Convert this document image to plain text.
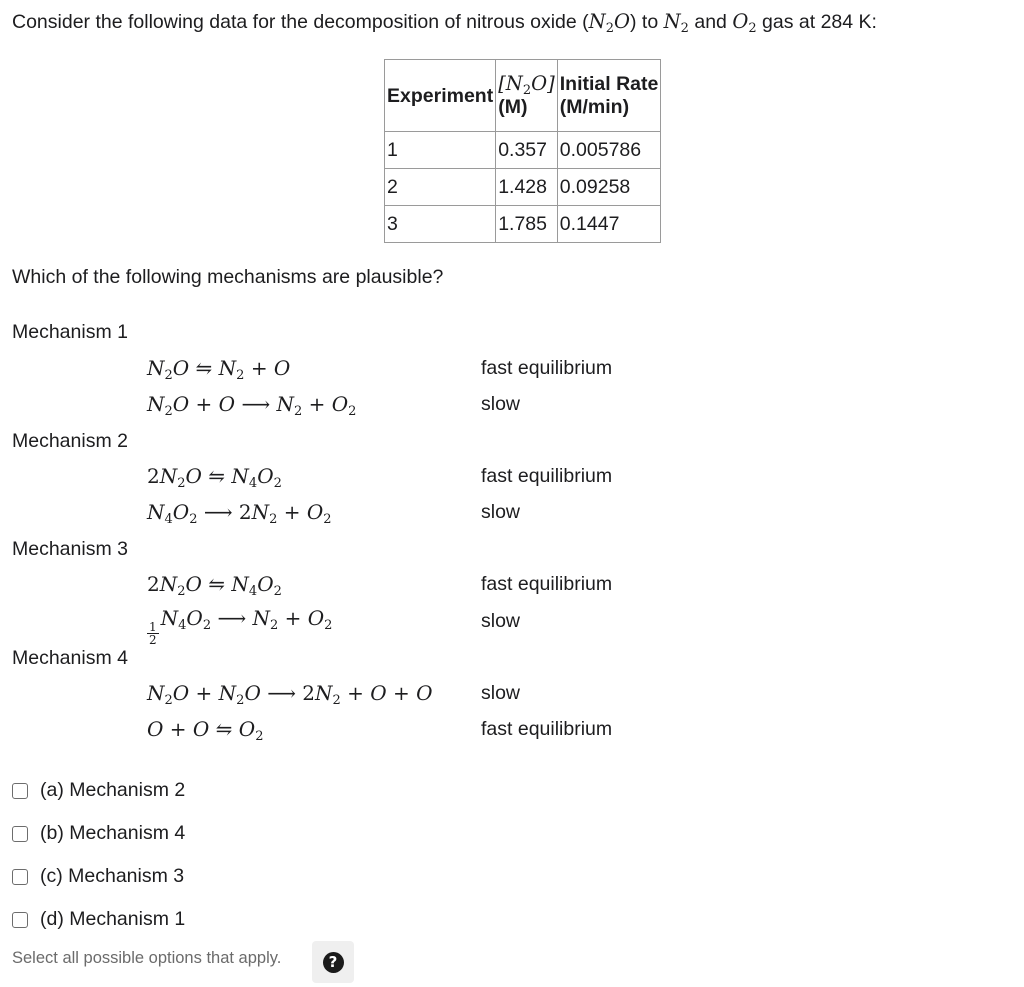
Consider the following data for the decomposition of nitrous oxide $(N_2O)$ to $N_2$ and $O_2$ gas at 284 K:
Experiment	$[N_2O]$	Initial Rate
	(M)	(M/min)
1	0.357	0.005786
2	1.428	0.09258
3	1.785	0.1447
Which of the following mechanisms are plausible?
Mechanism 1
$N_2O$ ⇋ $N_2 + O$	fast equilibrium
$N_2O + O$ ⟶ $N_2 + O_2$	slow
Mechanism 2
$2N_2O$ ⇋ $N_4O_2$	fast equilibrium
$N_4O_2$ ⟶ $2N_2 + O_2$	slow
Mechanism 3
$2N_2O$ ⇋ $N_4O_2$	fast equilibrium
$\frac{1}{2}$
$N_4O_2$ ⟶ $N_2 + O_2$	slow
Mechanism 4
$N_2O + N_2O$ ⟶ $2N_2 + O + O$ slow
O + O ⇋ $O_2$	fast equilibrium
(a) Mechanism 2
(b) Mechanism 4
(c) Mechanism 3
(d) Mechanism 1
Select all possible options that apply.	?
